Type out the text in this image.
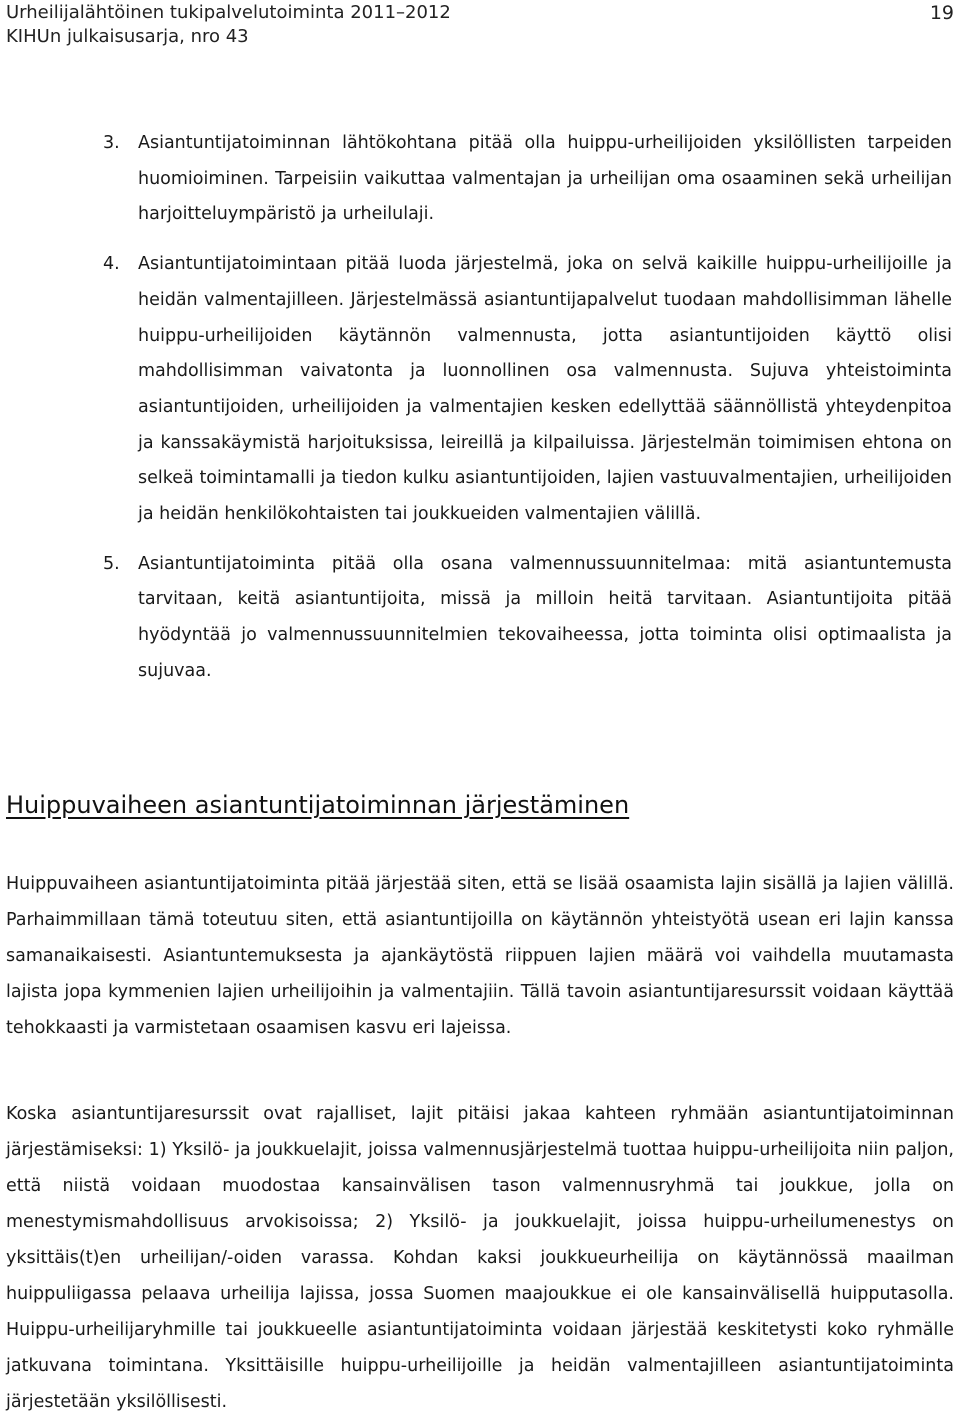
Urheilijalähtöinen tukipalvelutoiminta 2011–2012
KIHUn julkaisusarja, nro 43
19
3. Asiantuntijatoiminnan lähtökohtana pitää olla huippu-urheilijoiden yksilöllisten tarpeiden huomioiminen. Tarpeisiin vaikuttaa valmentajan ja urheilijan oma osaaminen sekä urheilijan harjoitteluympäristö ja urheilulaji.
4. Asiantuntijatoimintaan pitää luoda järjestelmä, joka on selvä kaikille huippu-urheilijoille ja heidän valmentajilleen. Järjestelmässä asiantuntijapalvelut tuodaan mahdollisimman lähelle huippu-urheilijoiden käytännön valmennusta, jotta asiantuntijoiden käyttö olisi mahdollisimman vaivatonta ja luonnollinen osa valmennusta. Sujuva yhteistoiminta asiantuntijoiden, urheilijoiden ja valmentajien kesken edellyttää säännöllistä yhteydenpitoa ja kanssakäymistä harjoituksissa, leireillä ja kilpailuissa. Järjestelmän toimimisen ehtona on selkeä toimintamalli ja tiedon kulku asiantuntijoiden, lajien vastuuvalmentajien, urheilijoiden ja heidän henkilökohtaisten tai joukkueiden valmentajien välillä.
5. Asiantuntijatoiminta pitää olla osana valmennussuunnitelmaa: mitä asiantuntemusta tarvitaan, keitä asiantuntijoita, missä ja milloin heitä tarvitaan. Asiantuntijoita pitää hyödyntää jo valmennussuunnitelmien tekovaiheessa, jotta toiminta olisi optimaalista ja sujuvaa.
Huippuvaiheen asiantuntijatoiminnan järjestäminen

Huippuvaiheen asiantuntijatoiminta pitää järjestää siten, että se lisää osaamista lajin sisällä ja lajien välillä. Parhaimmillaan tämä toteutuu siten, että asiantuntijoilla on käytännön yhteistyötä usean eri lajin kanssa samanaikaisesti. Asiantuntemuksesta ja ajankäytöstä riippuen lajien määrä voi vaihdella muutamasta lajista jopa kymmenien lajien urheilijoihin ja valmentajiin. Tällä tavoin asiantuntijaresurssit voidaan käyttää tehokkaasti ja varmistetaan osaamisen kasvu eri lajeissa.

Koska asiantuntijaresurssit ovat rajalliset, lajit pitäisi jakaa kahteen ryhmään asiantuntijatoiminnan järjestämiseksi: 1) Yksilö- ja joukkuelajit, joissa valmennusjärjestelmä tuottaa huippu-urheilijoita niin paljon, että niistä voidaan muodostaa kansainvälisen tason valmennusryhmä tai joukkue, jolla on menestymismahdollisuus arvokisoissa; 2) Yksilö- ja joukkuelajit, joissa huippu-urheilumenestys on yksittäis(t)en urheilijan/-oiden varassa. Kohdan kaksi joukkueurheilija on käytännössä maailman huippuliigassa pelaava urheilija lajissa, jossa Suomen maajoukkue ei ole kansainvälisellä huipputasolla. Huippu-urheilijaryhmille tai joukkueelle asiantuntijatoiminta voidaan järjestää keskitetysti koko ryhmälle jatkuvana toimintana. Yksittäisille huippu-urheilijoille ja heidän valmentajilleen asiantuntijatoiminta järjestetään yksilöllisesti.
